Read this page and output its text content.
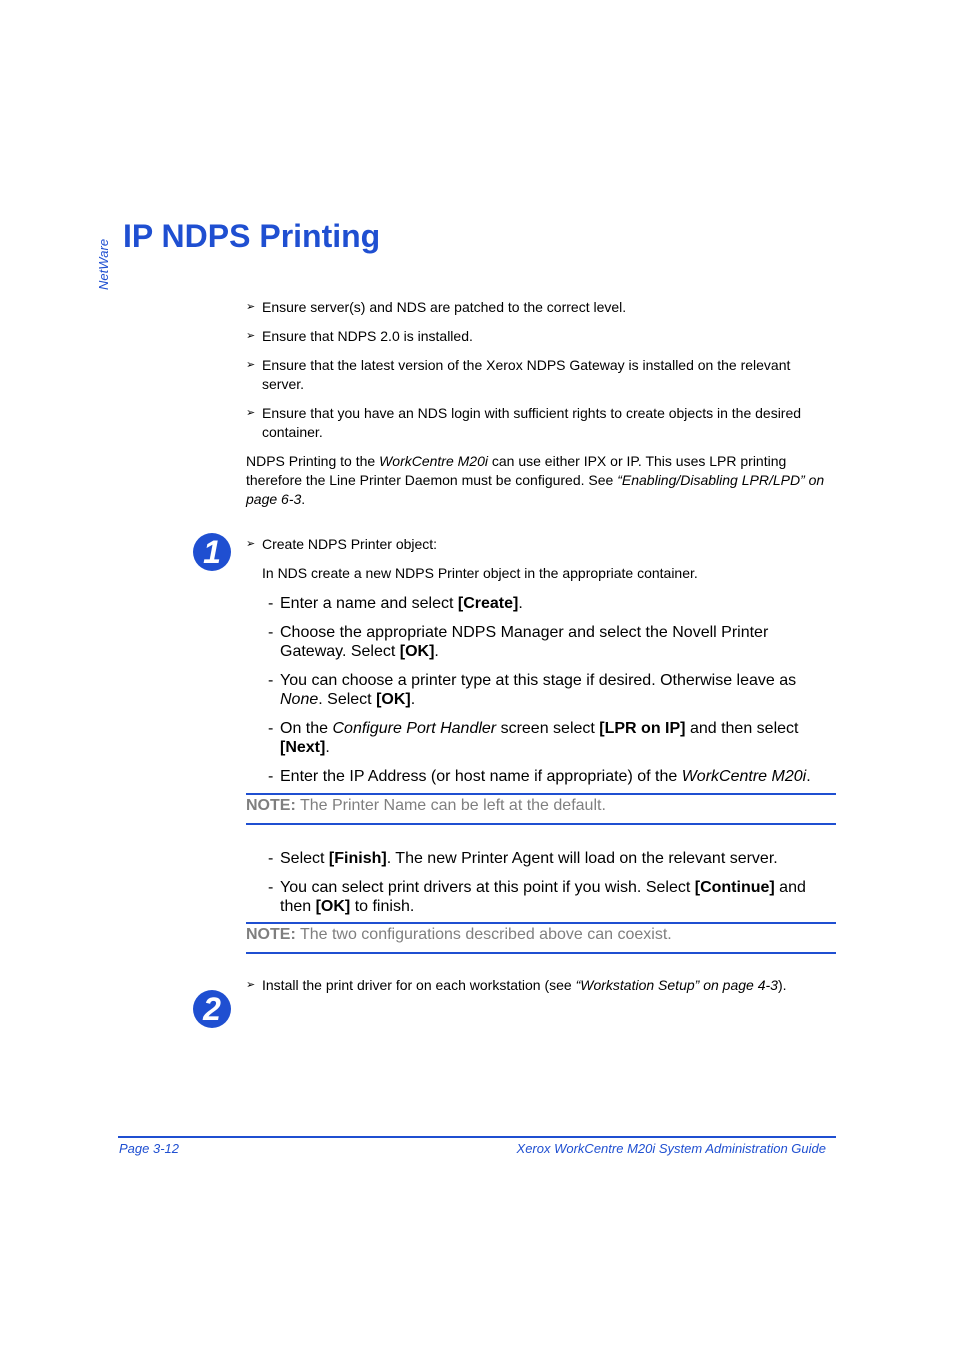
NetWare
IP NDPS Printing
1
2
➢ Ensure server(s) and NDS are patched to the correct level.
➢ Ensure that NDPS 2.0 is installed.
➢ Ensure that the latest version of the Xerox NDPS Gateway is installed on the relevant server.
➢ Ensure that you have an NDS login with sufficient rights to create objects in the desired container.

NDPS Printing to the WorkCentre M20i can use either IPX or IP. This uses LPR printing therefore the Line Printer Daemon must be configured. See “Enabling/Disabling LPR/LPD” on page 6-3.

➢ Create NDPS Printer object:

In NDS create a new NDPS Printer object in the appropriate container.

- Enter a name and select [Create].
- Choose the appropriate NDPS Manager and select the Novell Printer Gateway. Select [OK].
- You can choose a printer type at this stage if desired. Otherwise leave as None. Select [OK].
- On the Configure Port Handler screen select [LPR on IP] and then select [Next].
- Enter the IP Address (or host name if appropriate) of the WorkCentre M20i.
NOTE: The Printer Name can be left at the default.
- Select [Finish]. The new Printer Agent will load on the relevant server.
- You can select print drivers at this point if you wish. Select [Continue] and then [OK] to finish.
NOTE: The two configurations described above can coexist.
➢ Install the print driver for on each workstation (see “Workstation Setup” on page 4-3).
Page 3-12	Xerox WorkCentre M20i System Administration Guide
